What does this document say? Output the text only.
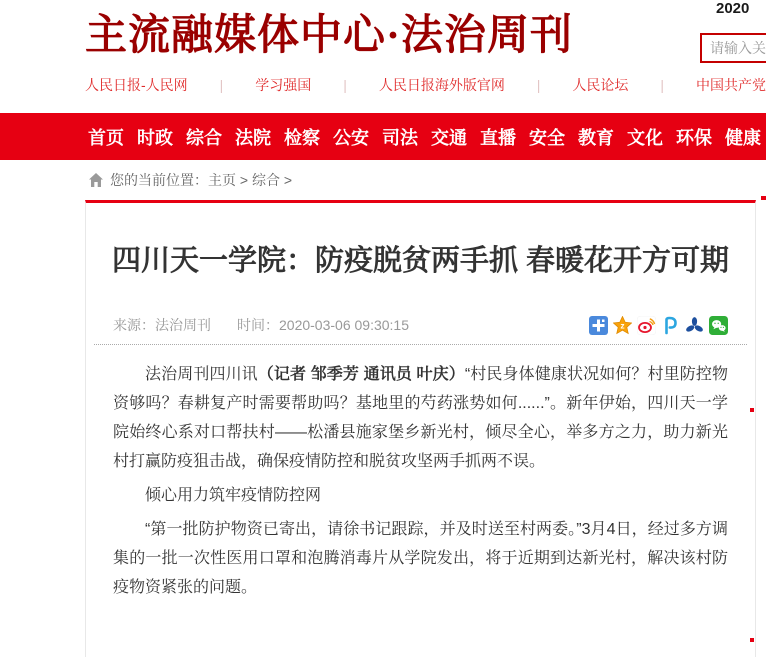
主流融媒体中心·法治周刊
2020
请输入关键词
人民日报-人民网 | 学习强国 | 人民日报海外版官网 | 人民论坛 | 中国共产党
首页 时政 综合 法院 检察 公安 司法 交通 直播 安全 教育 文化 环保 健康
您的当前位置：主页 > 综合 >
四川天一学院：防疫脱贫两手抓 春暖花开方可期
来源：法治周刊 时间：2020-03-06 09:30:15	z

法治周刊四川讯（记者 邹季芳 通讯员 叶庆）“村民身体健康状况如何？村里防控物资够吗？春耕复产时需要帮助吗？基地里的芍药涨势如何......”。新年伊始，四川天一学院始终心系对口帮扶村——松潘县施家堡乡新光村，倾尽全心，举多方之力，助力新光村打赢防疫狙击战，确保疫情防控和脱贫攻坚两手抓两不误。

倾心用力筑牢疫情防控网

“第一批防护物资已寄出，请徐书记跟踪，并及时送至村两委。”3月4日，经过多方调集的一批一次性医用口罩和泡腾消毒片从学院发出，将于近期到达新光村，解决该村防疫物资紧张的问题。
